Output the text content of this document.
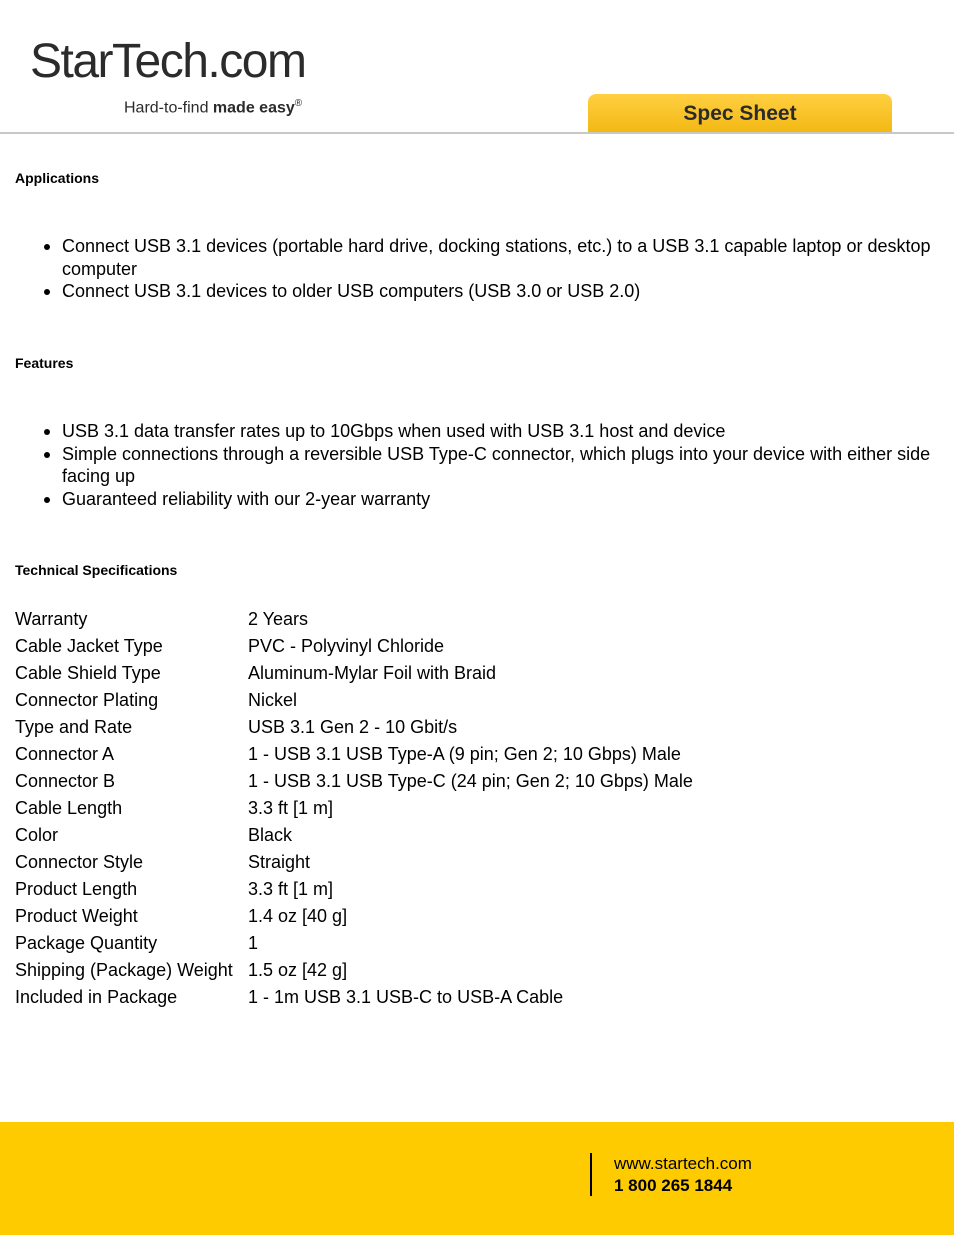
StarTech.com
Hard-to-find made easy®	Spec Sheet
Applications
Connect USB 3.1 devices (portable hard drive, docking stations, etc.) to a USB 3.1 capable laptop or desktop computer
Connect USB 3.1 devices to older USB computers (USB 3.0 or USB 2.0)
Features
USB 3.1 data transfer rates up to 10Gbps when used with USB 3.1 host and device
Simple connections through a reversible USB Type-C connector, which plugs into your device with either side facing up
Guaranteed reliability with our 2-year warranty
Technical Specifications
Warranty	2 Years
Cable Jacket Type	PVC - Polyvinyl Chloride
Cable Shield Type	Aluminum-Mylar Foil with Braid
Connector Plating	Nickel
Type and Rate	USB 3.1 Gen 2 - 10 Gbit/s
Connector A	1 - USB 3.1 USB Type-A (9 pin; Gen 2; 10 Gbps) Male
Connector B	1 - USB 3.1 USB Type-C (24 pin; Gen 2; 10 Gbps) Male
Cable Length	3.3 ft [1 m]
Color	Black
Connector Style	Straight
Product Length	3.3 ft [1 m]
Product Weight	1.4 oz [40 g]
Package Quantity	1
Shipping (Package) Weight	1.5 oz [42 g]
Included in Package	1 - 1m USB 3.1 USB-C to USB-A Cable
www.startech.com
1 800 265 1844
